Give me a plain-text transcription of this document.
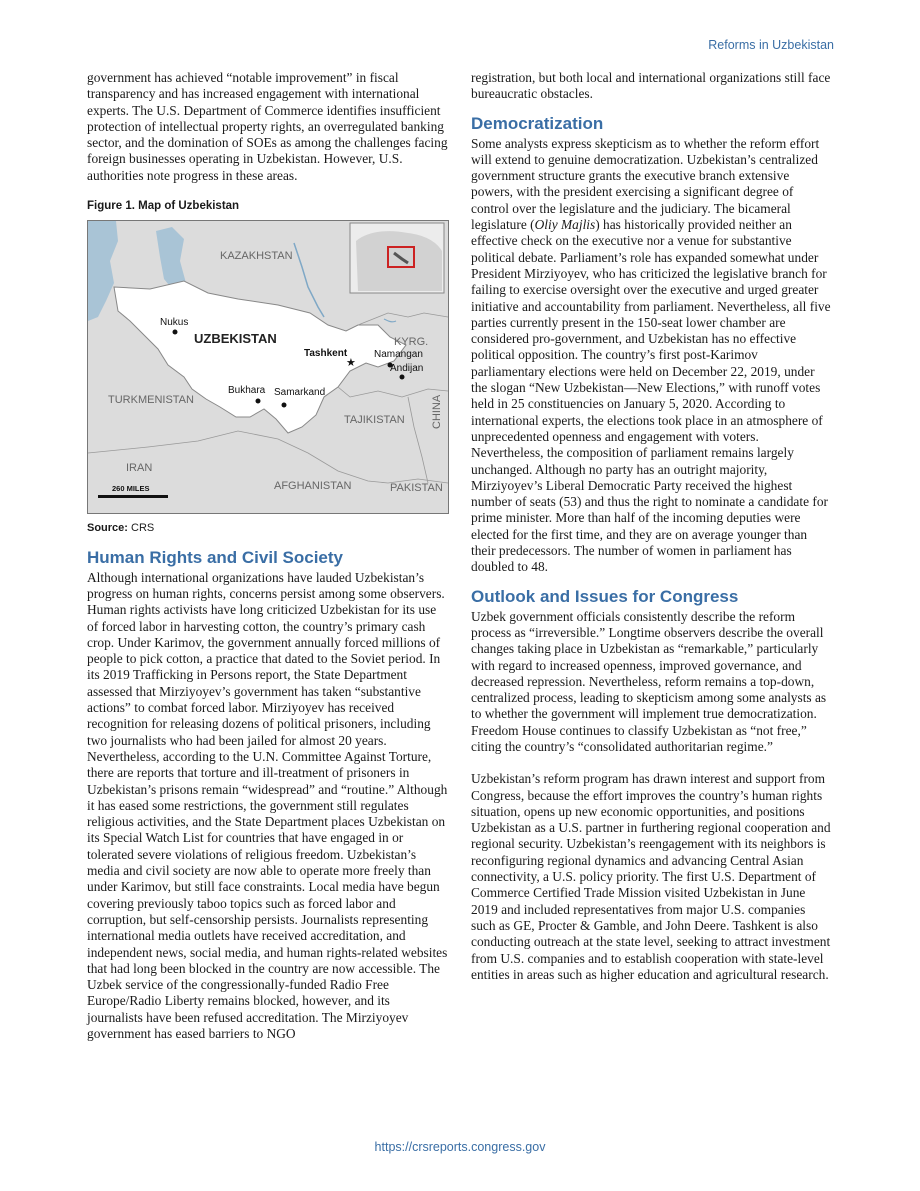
Reforms in Uzbekistan

government has achieved “notable improvement” in fiscal transparency and has increased engagement with international experts. The U.S. Department of Commerce identifies insufficient protection of intellectual property rights, an overregulated banking sector, and the domination of SOEs as among the challenges facing foreign businesses operating in Uzbekistan. However, U.S. authorities note progress in these areas.

Figure 1. Map of Uzbekistan
KAZAKHSTAN
UZBEKISTAN	KYRG.
TURKMENISTAN
TAJIKISTAN CHINA
IRAN
AFGHANISTAN	PAKISTAN
Nukus
★
Tashkent	Namangan
Andijan
Bukhara Samarkand
260 MILES
Source: CRS
Human Rights and Civil Society

Although international organizations have lauded Uzbekistan’s progress on human rights, concerns persist among some observers. Human rights activists have long criticized Uzbekistan for its use of forced labor in harvesting cotton, the country’s primary cash crop. Under Karimov, the government annually forced millions of people to pick cotton, a practice that dated to the Soviet period. In its 2019 Trafficking in Persons report, the State Department assessed that Mirziyoyev’s government has taken “substantive actions” to combat forced labor. Mirziyoyev has received recognition for releasing dozens of political prisoners, including two journalists who had been jailed for almost 20 years. Nevertheless, according to the U.N. Committee Against Torture, there are reports that torture and ill-treatment of prisoners in Uzbekistan’s prisons remain “widespread” and “routine.” Although it has eased some restrictions, the government still regulates religious activities, and the State Department places Uzbekistan on its Special Watch List for countries that have engaged in or tolerated severe violations of religious freedom. Uzbekistan’s media and civil society are now able to operate more freely than under Karimov, but still face constraints. Local media have begun covering previously taboo topics such as forced labor and corruption, but self-censorship persists. Journalists representing international media outlets have received accreditation, and independent news, social media, and human rights-related websites that had long been blocked in the country are now accessible. The Uzbek service of the congressionally-funded Radio Free Europe/Radio Liberty remains blocked, however, and its journalists have been refused accreditation. The Mirziyoyev government has eased barriers to NGO

registration, but both local and international organizations still face bureaucratic obstacles.

Democratization

Some analysts express skepticism as to whether the reform effort will extend to genuine democratization. Uzbekistan’s centralized government structure grants the executive branch extensive powers, with the president exercising a significant degree of control over the legislature and the judiciary. The bicameral legislature (Oliy Majlis) has historically provided neither an effective check on the executive nor a venue for substantive political debate. Parliament’s role has expanded somewhat under President Mirziyoyev, who has criticized the legislative branch for failing to exercise oversight over the executive and urged greater initiative and accountability from parliament. Nevertheless, all five parties currently present in the 150-seat lower chamber are considered pro-government, and Uzbekistan has no effective political opposition. The country’s first post-Karimov parliamentary elections were held on December 22, 2019, under the slogan “New Uzbekistan—New Elections,” with runoff votes held in 25 constituencies on January 5, 2020. According to international experts, the elections took place in an atmosphere of unprecedented openness and engagement with voters. Nevertheless, the composition of parliament remains largely unchanged. Although no party has an outright majority, Mirziyoyev’s Liberal Democratic Party received the highest number of seats (53) and thus the right to nominate a candidate for prime minister. More than half of the incoming deputies were elected for the first time, and they are on average younger than their predecessors. The number of women in parliament has doubled to 48.

Outlook and Issues for Congress

Uzbek government officials consistently describe the reform process as “irreversible.” Longtime observers describe the overall changes taking place in Uzbekistan as “remarkable,” particularly with regard to increased openness, improved governance, and decreased repression. Nevertheless, reform remains a top-down, centralized process, leading to skepticism among some analysts as to whether the government will implement true democratization. Freedom House continues to classify Uzbekistan as “not free,” citing the country’s “consolidated authoritarian regime.”

Uzbekistan’s reform program has drawn interest and support from Congress, because the effort improves the country’s human rights situation, opens up new economic opportunities, and positions Uzbekistan as a U.S. partner in furthering regional cooperation and regional security. Uzbekistan’s reengagement with its neighbors is reconfiguring regional dynamics and advancing Central Asian connectivity, a U.S. policy priority. The first U.S. Department of Commerce Certified Trade Mission visited Uzbekistan in June 2019 and included representatives from major U.S. companies such as GE, Procter & Gamble, and John Deere. Tashkent is also conducting outreach at the state level, seeking to attract investment from U.S. companies and to establish cooperation with state-level entities in areas such as higher education and agricultural research.

https://crsreports.congress.gov
